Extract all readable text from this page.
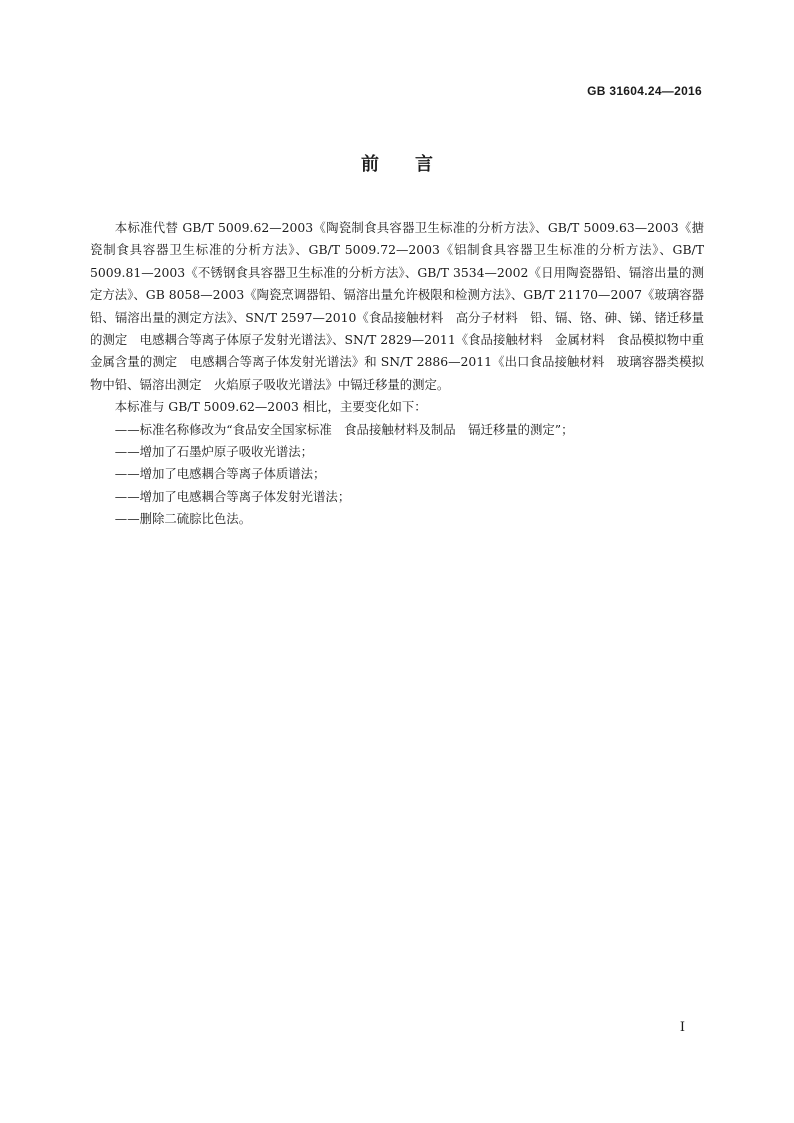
GB 31604.24—2016
前言

本标准代替 GB/T 5009.62—2003《陶瓷制食具容器卫生标准的分析方法》、GB/T 5009.63—2003《搪瓷制食具容器卫生标准的分析方法》、GB/T 5009.72—2003《铝制食具容器卫生标准的分析方法》、GB/T 5009.81—2003《不锈钢食具容器卫生标准的分析方法》、GB/T 3534—2002《日用陶瓷器铅、镉溶出量的测定方法》、GB 8058—2003《陶瓷烹调器铅、镉溶出量允许极限和检测方法》、GB/T 21170—2007《玻璃容器　铅、镉溶出量的测定方法》、SN/T 2597—2010《食品接触材料　高分子材料　铅、镉、铬、砷、锑、锗迁移量的测定　电感耦合等离子体原子发射光谱法》、SN/T 2829—2011《食品接触材料　金属材料　食品模拟物中重金属含量的测定　电感耦合等离子体发射光谱法》和 SN/T 2886—2011《出口食品接触材料　玻璃容器类模拟物中铅、镉溶出测定　火焰原子吸收光谱法》中镉迁移量的测定。

本标准与 GB/T 5009.62—2003 相比，主要变化如下：

——标准名称修改为“食品安全国家标准　食品接触材料及制品　镉迁移量的测定”；
——增加了石墨炉原子吸收光谱法；
——增加了电感耦合等离子体质谱法；
——增加了电感耦合等离子体发射光谱法；
——删除二硫腙比色法。
I
